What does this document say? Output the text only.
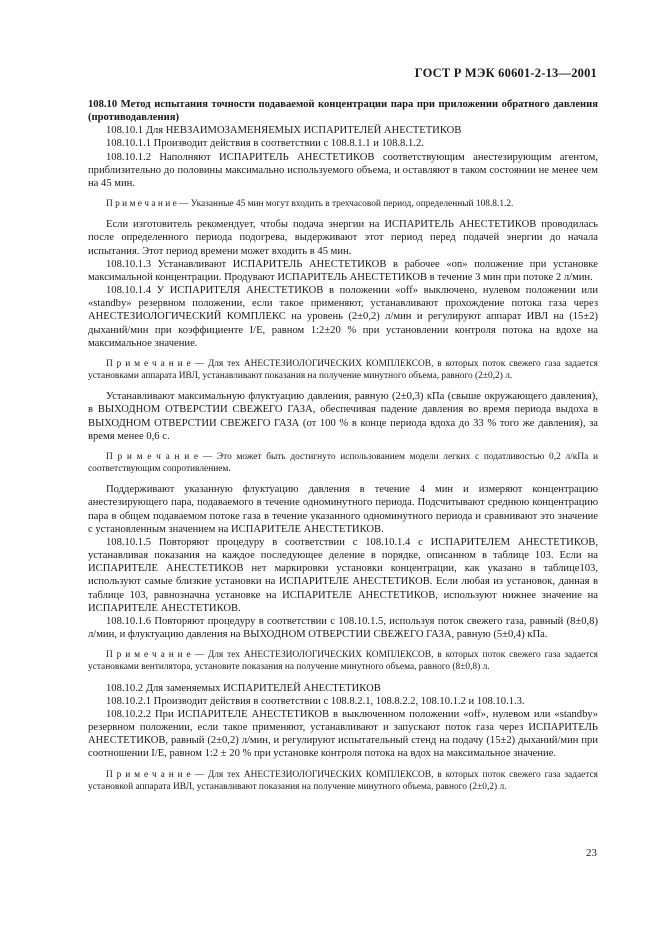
ГОСТ Р МЭК 60601-2-13—2001

108.10 Метод испытания точности подаваемой концентрации пара при приложении обратного давления (противодавления)

108.10.1 Для НЕВЗАИМОЗАМЕНЯЕМЫХ ИСПАРИТЕЛЕЙ АНЕСТЕТИКОВ

108.10.1.1 Производит действия в соответствии с 108.8.1.1 и 108.8.1.2.

108.10.1.2 Наполняют ИСПАРИТЕЛЬ АНЕСТЕТИКОВ соответствующим анестезирующим агентом, приблизительно до половины максимально используемого объема, и оставляют в таком состоянии не менее чем на 45 мин.

П р и м е ч а н и е — Указанные 45 мин могут входить в трехчасовой период, определенный 108.8.1.2.

Если изготовитель рекомендует, чтобы подача энергии на ИСПАРИТЕЛЬ АНЕСТЕТИКОВ проводилась после определенного периода подогрева, выдерживают этот период перед подачей энергии до начала испытания. Этот период времени может входить в 45 мин.

108.10.1.3 Устанавливают ИСПАРИТЕЛЬ АНЕСТЕТИКОВ в рабочее «on» положение при установке максимальной концентрации. Продувают ИСПАРИТЕЛЬ АНЕСТЕТИКОВ в течение 3 мин при потоке 2 л/мин.

108.10.1.4 У ИСПАРИТЕЛЯ АНЕСТЕТИКОВ в положении «off» выключено, нулевом положении или «standby» резервном положении, если такое применяют, устанавливают прохождение потока газа через АНЕСТЕЗИОЛОГИЧЕСКИЙ КОМПЛЕКС на уровень (2±0,2) л/мин и регулируют аппарат ИВЛ на (15±2) дыханий/мин при коэффициенте I/E, равном 1:2±20 % при установлении контроля потока на вдохе на максимальное значение.

П р и м е ч а н и е — Для тех АНЕСТЕЗИОЛОГИЧЕСКИХ КОМПЛЕКСОВ, в которых поток свежего газа задается установками аппарата ИВЛ, устанавливают показания на получение минутного объема, равного (2±0,2) л.

Устанавливают максимальную флуктуацию давления, равную (2±0,3) кПа (свыше окружающего давления), в ВЫХОДНОМ ОТВЕРСТИИ СВЕЖЕГО ГАЗА, обеспечивая падение давления во время периода выдоха в ВЫХОДНОМ ОТВЕРСТИИ СВЕЖЕГО ГАЗА (от 100 % в конце периода вдоха до 33 % того же давления), за время менее 0,6 с.

П р и м е ч а н и е — Это может быть достигнуто использованием модели легких с податливостью 0,2 л/кПа и соответствующим сопротивлением.

Поддерживают указанную флуктуацию давления в течение 4 мин и измеряют концентрацию анестезирующего пара, подаваемого в течение одноминутного периода. Подсчитывают среднюю концентрацию пара в общем подаваемом потоке газа в течение указанного одноминутного периода и сравнивают это значение с установленным значением на ИСПАРИТЕЛЕ АНЕСТЕТИКОВ.

108.10.1.5 Повторяют процедуру в соответствии с 108.10.1.4 с ИСПАРИТЕЛЕМ АНЕСТЕТИКОВ, устанавливая показания на каждое последующее деление в порядке, описанном в таблице 103. Если на ИСПАРИТЕЛЕ АНЕСТЕТИКОВ нет маркировки установки концентрации, как указано в таблице103, используют самые близкие установки на ИСПАРИТЕЛЕ АНЕСТЕТИКОВ. Если любая из установок, данная в таблице 103, равнозначна установке на ИСПАРИТЕЛЕ АНЕСТЕТИКОВ, используют нижнее значение на ИСПАРИТЕЛЕ АНЕСТЕТИКОВ.

108.10.1.6 Повторяют процедуру в соответствии с 108.10.1.5, используя поток свежего газа, равный (8±0,8) л/мин, и флуктуацию давления на ВЫХОДНОМ ОТВЕРСТИИ СВЕЖЕГО ГАЗА, равную (5±0,4) кПа.

П р и м е ч а н и е — Для тех АНЕСТЕЗИОЛОГИЧЕСКИХ КОМПЛЕКСОВ, в которых поток свежего газа задается установками вентилятора, установите показания на получение минутного объема, равного (8±0,8) л.

108.10.2 Для заменяемых ИСПАРИТЕЛЕЙ АНЕСТЕТИКОВ

108.10.2.1 Производит действия в соответствии с 108.8.2.1, 108.8.2.2, 108.10.1.2 и 108.10.1.3.

108.10.2.2 При ИСПАРИТЕЛЕ АНЕСТЕТИКОВ в выключенном положении «off», нулевом или «standby» резервном положении, если такое применяют, устанавливают и запускают поток газа через ИСПАРИТЕЛЬ АНЕСТЕТИКОВ, равный (2±0,2) л/мин, и регулируют испытательный стенд на подачу (15±2) дыханий/мин при соотношении I/E, равном 1:2 ± 20 % при установке контроля потока на вдох на максимальное значение.

П р и м е ч а н и е — Для тех АНЕСТЕЗИОЛОГИЧЕСКИХ КОМПЛЕКСОВ, в которых поток свежего газа задается установкой аппарата ИВЛ, устанавливают показания на получение минутного объема, равного (2±0,2) л.

23
